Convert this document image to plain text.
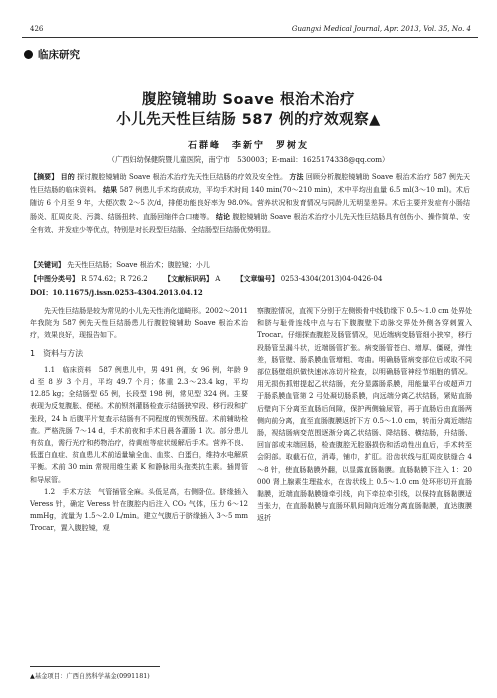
426	Guangxi Medical Journal, Apr. 2013, Vol. 35, No. 4
临床研究
腹腔镜辅助 Soave 根治术治疗
小儿先天性巨结肠 587 例的疗效观察▲
石群峰　李新宁　罗树友
（广西妇幼保健院暨儿童医院，南宁市　530003；E-mail：1625174338@qq.com）
【摘要】 目的 探讨腹腔镜辅助 Soave 根治术治疗先天性巨结肠的疗效及安全性。 方法 回顾分析腹腔镜辅助 Soave 根治术治疗 587 例先天性巨结肠的临床资料。 结果 587 例患儿手术均获成功，平均手术时间 140 min(70～210 min)，术中平均出血量 6.5 ml(3～10 ml)。术后随访 6 个月至 9 年，大便次数 2～5 次/d，排便功能良好率为 98.0%。营养状况和发育情况与同龄儿无明显差异。术后主要并发症有小肠结肠炎、肛周皮炎、污粪、结肠扭转、直肠回缩伴合口瘘等。 结论 腹腔镜辅助 Soave 根治术治疗小儿先天性巨结肠具有创伤小、操作简单、安全有效、并发症少等优点，特别是对长段型巨结肠、全结肠型巨结肠优势明显。
【关键词】 先天性巨结肠；Soave 根治术；腹腔镜；小儿
【中图分类号】 R 574.62；R 726.2 【文献标识码】 A 【文章编号】 0253-4304(2013)04-0426-04
DOI：10.11675/j.issn.0253-4304.2013.04.12

先天性巨结肠是较为常见的小儿先天性消化道畸形。2002～2011 年我院为 587 例先天性巨结肠患儿行腹腔镜辅助 Soave 根治术治疗，效果良好，现报告如下。

1　资料与方法

1.1　临床资料　587 例患儿中，男 491 例，女 96 例，年龄 9 d 至 8 岁 3 个月，平均 49.7 个月；体重 2.3～23.4 kg，平均 12.85 kg；全结肠型 65 例，长段型 198 例，常见型 324 例。主要表现为反复腹胀、便秘。术前钡剂灌肠检查示结肠狭窄段、移行段和扩张段，24 h 后腹平片复查示结肠有不同程度的钡剂残留。术前辅助检查。严格洗肠 7～14 d，手术前夜和手术日晨各灌肠 1 次。部分患儿有贫血，需行光疗和药物治疗，待黄疸等症状缓解后手术。营养不良、低蛋白血症、贫血患儿术前适量输全血、血浆、白蛋白，维持水电解质平衡。术前 30 min 常规用维生素 K 和静脉用头孢类抗生素。插胃管和导尿管。

1.2　手术方法　气管插管全麻。头低足高，右侧卧位。脐缘插入 Veress 针，确定 Veress 针在腹腔内后注入 CO₂ 气体，压力 6～12 mmHg，流量为 1.5～2.0 L/min。建立气腹后于脐缘插入 3～5 mm Trocar，置入腹腔镜，观

察腹腔情况，直视下分别于左侧锁骨中线肋缘下 0.5～1.0 cm 处界处和脐与耻骨连线中点与右下腹腹壁下动脉交界处外侧各穿刺置入 Trocar。仔细探查腹腔及肠管情况，见近端病变肠管细小狭窄，移行段肠管呈漏斗状，近端肠管扩张。病变肠管苍白、增厚、僵硬，弹性差，肠管壁、肠系膜血管增粗、弯曲。明确肠管病变部位后或取不同部位肠壁组织做快速冰冻切片检查，以明确肠管神经节细胞的情况。用无损伤抓钳提起乙状结肠，充分显露肠系膜，用能量平台或超声刀于肠系膜血管第 2 弓处凝切肠系膜，向远端分离乙状结肠，紧贴直肠后壁向下分离至直肠后间隙，保护两侧输尿管，再于直肠后由直肠两侧向前分离，直至直肠腹膜返折下方 0.5～1.0 cm，转而分离近端结肠，视结肠病变范围逐渐分离乙状结肠、降结肠、横结肠，升结肠、回盲部或末端回肠，检查腹腔无腔器损伤和活动性出血后，手术转至会阴部。取截石位，消毒，铺巾，扩肛。沿齿状线与肛周皮肤缝合 4～8 针，使直肠黏膜外翻，以显露直肠黏膜。直肠黏膜下注入 1：20 000 肾上腺素生理盐水，在齿状线上 0.5～1.0 cm 处环形切开直肠黏膜，近端直肠黏膜缝牵引线，向下牵拉牵引线，以保持直肠黏膜适当张力，在直肠黏膜与直肠环肌间隙向近端分离直肠黏膜，直达腹膜返折

▲基金项目：广西自然科学基金(0991181)
